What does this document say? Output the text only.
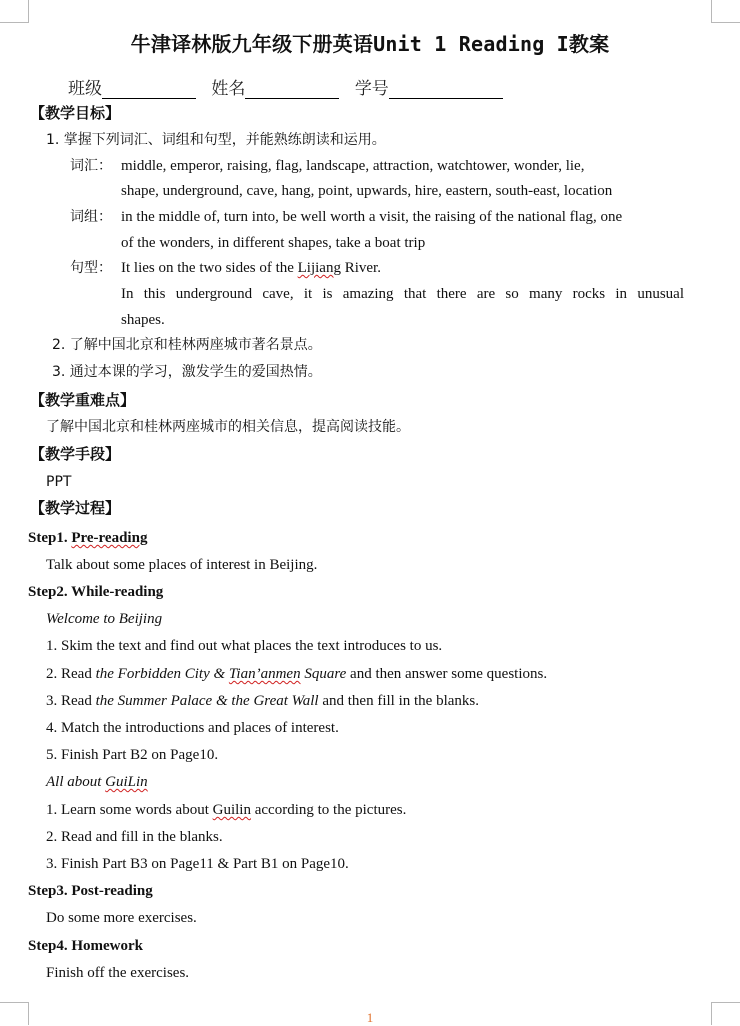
牛津译林版九年级下册英语Unit 1 Reading I教案
班级	姓名	学号
【教学目标】
1. 掌握下列词汇、词组和句型，并能熟练朗读和运用。
词汇： middle, emperor, raising, flag, landscape, attraction, watchtower, wonder, lie,
shape, underground, cave, hang, point, upwards, hire, eastern, south-east, location
词组： in the middle of, turn into, be well worth a visit, the raising of the national flag, one
of the wonders, in different shapes, take a boat trip
句型： It lies on the two sides of the Lijiang River.
In this underground cave, it is amazing that there are so many rocks in unusual
shapes.
2. 了解中国北京和桂林两座城市著名景点。
3. 通过本课的学习，激发学生的爱国热情。
【教学重难点】
了解中国北京和桂林两座城市的相关信息，提高阅读技能。
【教学手段】
PPT
【教学过程】
Step1. Pre-reading
Talk about some places of interest in Beijing.
Step2. While-reading
Welcome to Beijing
1. Skim the text and find out what places the text introduces to us.
2. Read the Forbidden City & Tian’anmen Square and then answer some questions.
3. Read the Summer Palace & the Great Wall and then fill in the blanks.
4. Match the introductions and places of interest.
5. Finish Part B2 on Page10.
All about GuiLin
1. Learn some words about Guilin according to the pictures.
2. Read and fill in the blanks.
3. Finish Part B3 on Page11 & Part B1 on Page10.
Step3. Post-reading
Do some more exercises.
Step4. Homework
Finish off the exercises.
1
